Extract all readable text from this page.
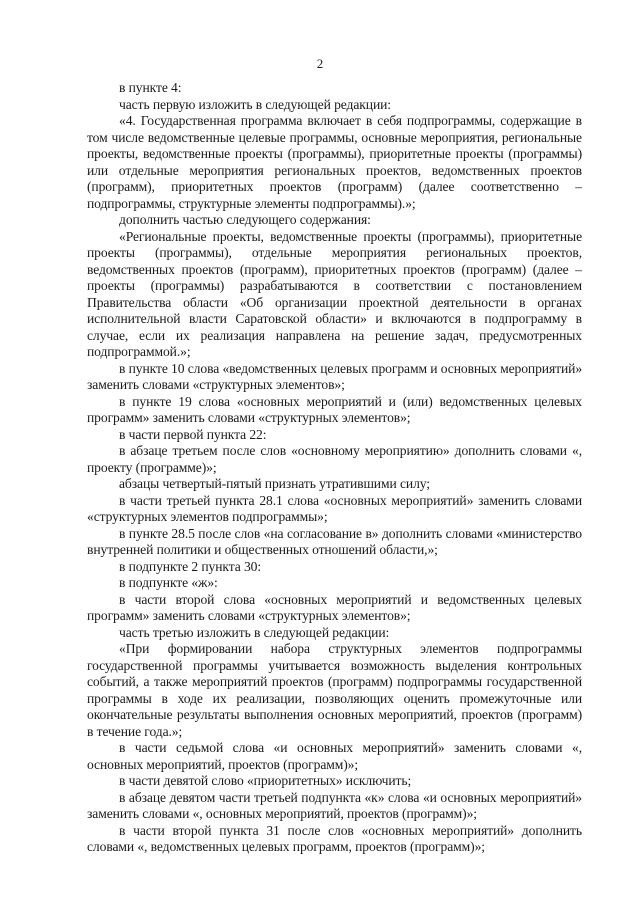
2

в пункте 4:

часть первую изложить в следующей редакции:

«4. Государственная программа включает в себя подпрограммы, содержащие в том числе ведомственные целевые программы, основные мероприятия, региональные проекты, ведомственные проекты (программы), приоритетные проекты (программы) или отдельные мероприятия региональных проектов, ведомственных проектов (программ), приоритетных проектов (программ) (далее соответственно – подпрограммы, структурные элементы подпрограммы).»;

дополнить частью следующего содержания:

«Региональные проекты, ведомственные проекты (программы), приоритетные проекты (программы), отдельные мероприятия региональных проектов, ведомственных проектов (программ), приоритетных проектов (программ) (далее – проекты (программы) разрабатываются в соответствии с постановлением Правительства области «Об организации проектной деятельности в органах исполнительной власти Саратовской области» и включаются в подпрограмму в случае, если их реализация направлена на решение задач, предусмотренных подпрограммой.»;

в пункте 10 слова «ведомственных целевых программ и основных мероприятий» заменить словами «структурных элементов»;

в пункте 19 слова «основных мероприятий и (или) ведомственных целевых программ» заменить словами «структурных элементов»;

в части первой пункта 22:

в абзаце третьем после слов «основному мероприятию» дополнить словами «, проекту (программе)»;

абзацы четвертый-пятый признать утратившими силу;

в части третьей пункта 28.1 слова «основных мероприятий» заменить словами «структурных элементов подпрограммы»;

в пункте 28.5 после слов «на согласование в» дополнить словами «министерство внутренней политики и общественных отношений области,»;

в подпункте 2 пункта 30:

в подпункте «ж»:

в части второй слова «основных мероприятий и ведомственных целевых программ» заменить словами «структурных элементов»;

часть третью изложить в следующей редакции:

«При формировании набора структурных элементов подпрограммы государственной программы учитывается возможность выделения контрольных событий, а также мероприятий проектов (программ) подпрограммы государственной программы в ходе их реализации, позволяющих оценить промежуточные или окончательные результаты выполнения основных мероприятий, проектов (программ) в течение года.»;

в части седьмой слова «и основных мероприятий» заменить словами «, основных мероприятий, проектов (программ)»;

в части девятой слово «приоритетных» исключить;

в абзаце девятом части третьей подпункта «к» слова «и основных мероприятий» заменить словами «, основных мероприятий, проектов (программ)»;

в части второй пункта 31 после слов «основных мероприятий» дополнить словами «, ведомственных целевых программ, проектов (программ)»;
